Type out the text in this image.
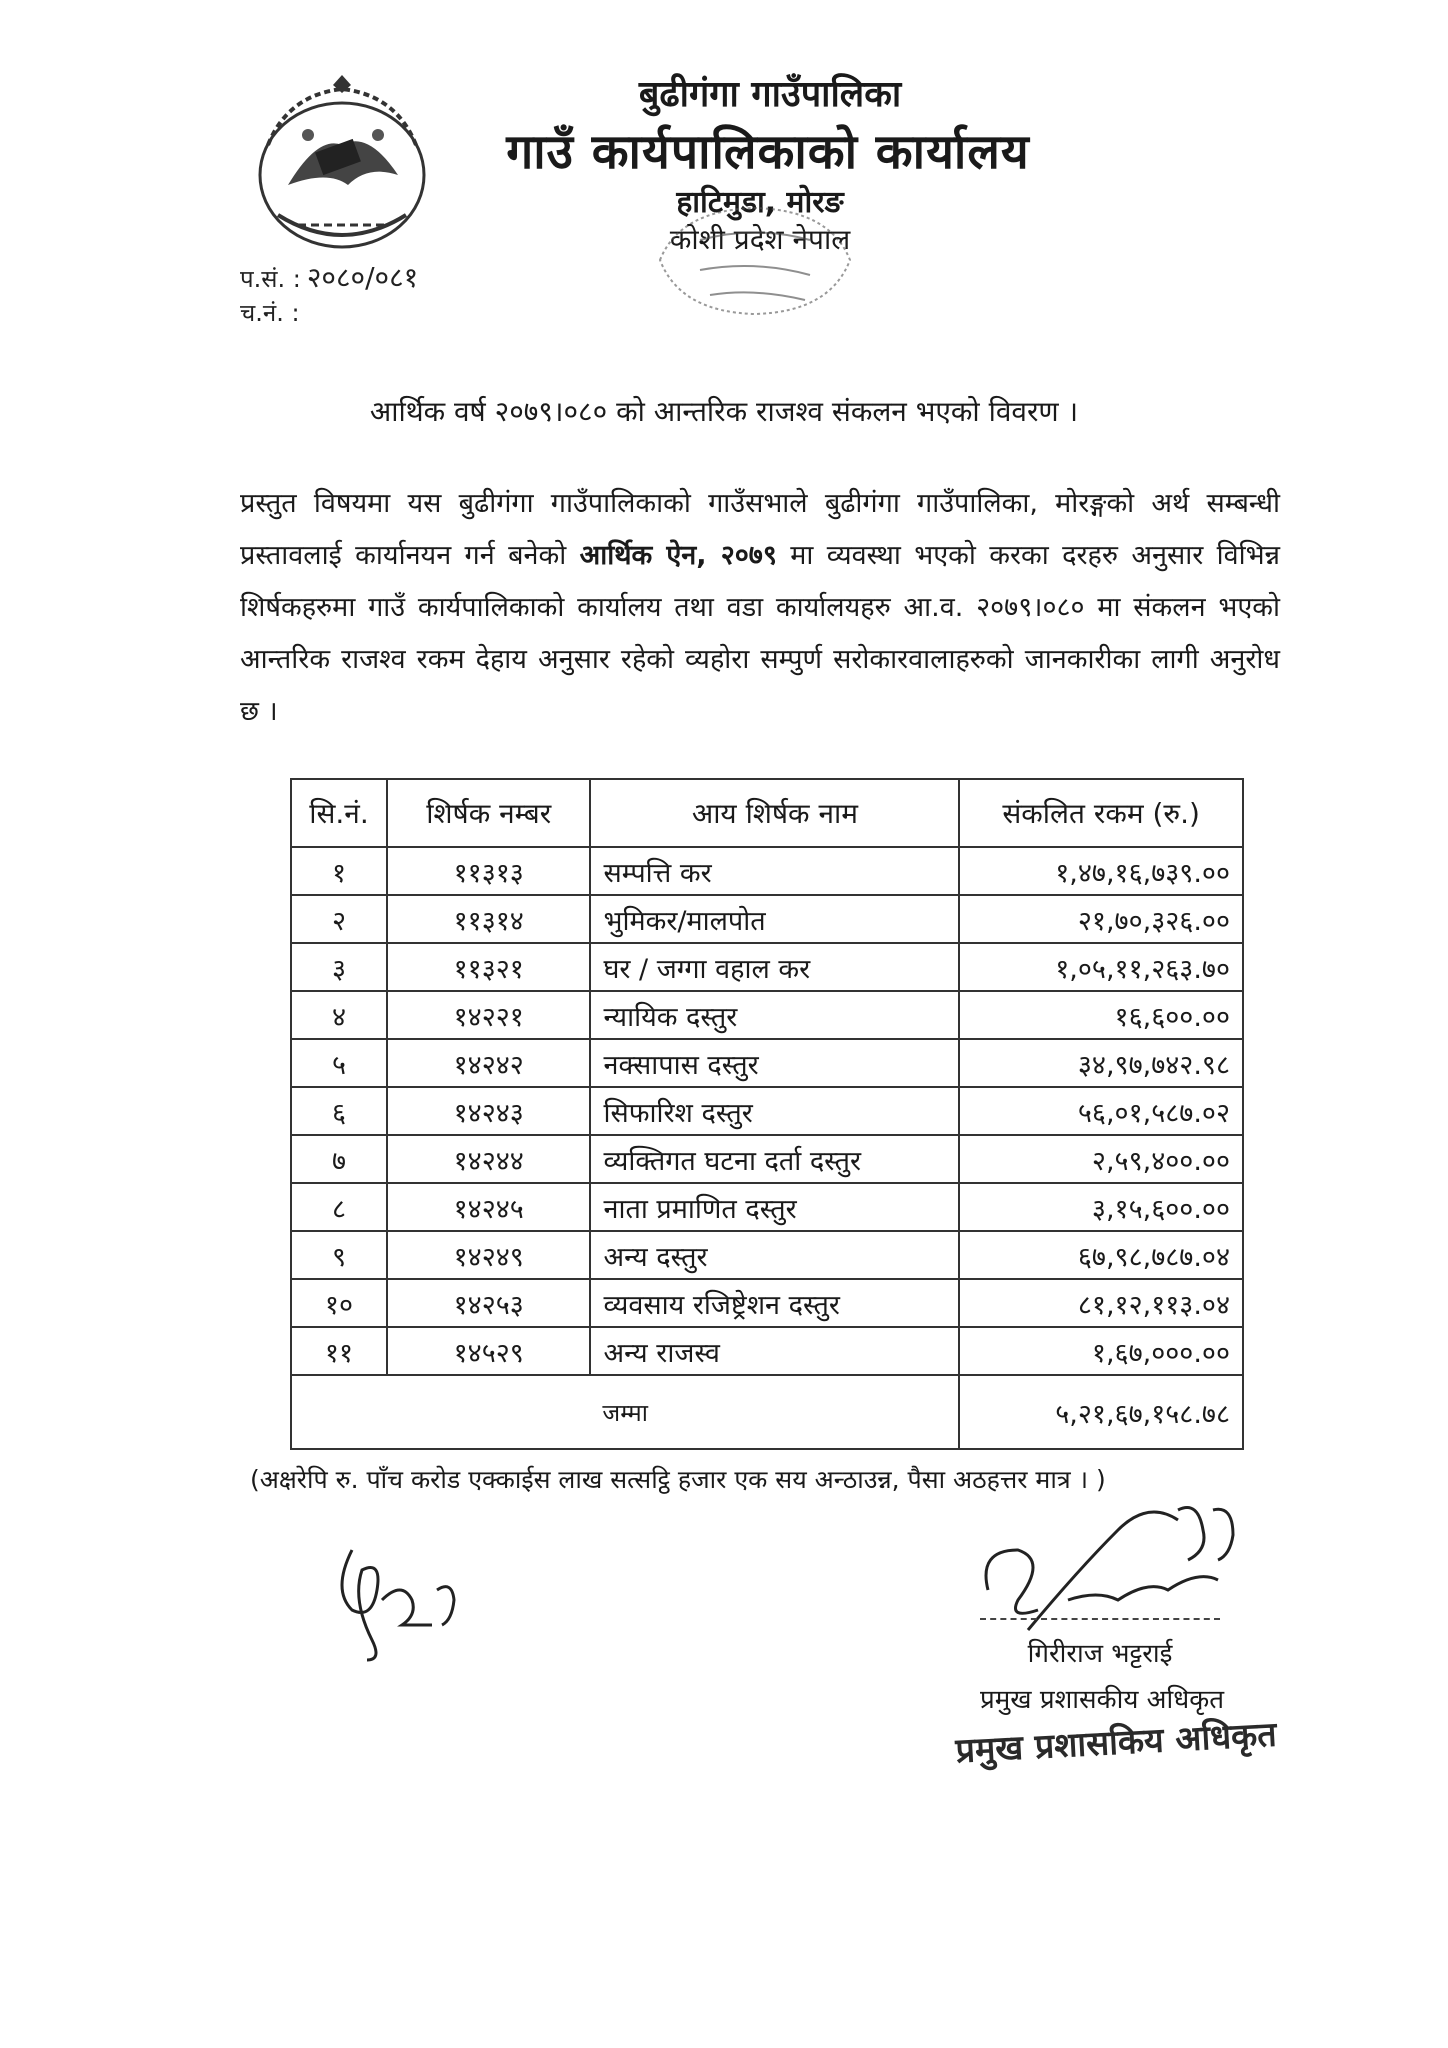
बुढीगंगा गाउँपालिका
गाउँ कार्यपालिकाको कार्यालय
हाटिमुडा, मोरङ
कोशी प्रदेश नेपाल
प.सं. : २०८०/०८१
च.नं. :
आर्थिक वर्ष २०७९।०८० को आन्तरिक राजश्व संकलन भएको विवरण ।
प्रस्तुत विषयमा यस बुढीगंगा गाउँपालिकाको गाउँसभाले बुढीगंगा गाउँपालिका, मोरङ्गको अर्थ सम्बन्धी प्रस्तावलाई कार्यानयन गर्न बनेको आर्थिक ऐन, २०७९ मा व्यवस्था भएको करका दरहरु अनुसार विभिन्न शिर्षकहरुमा गाउँ कार्यपालिकाको कार्यालय तथा वडा कार्यालयहरु आ.व. २०७९।०८० मा संकलन भएको आन्तरिक राजश्व रकम देहाय अनुसार रहेको व्यहोरा सम्पुर्ण सरोकारवालाहरुको जानकारीका लागी अनुरोध छ ।
सि.नं.	शिर्षक नम्बर	आय शिर्षक नाम	संकलित रकम (रु.)
१	११३१३	सम्पत्ति कर	१,४७,१६,७३९.००
२	११३१४	भुमिकर/मालपोत	२१,७०,३२६.००
३	११३२१	घर / जग्गा वहाल कर	१,०५,११,२६३.७०
४	१४२२१	न्यायिक दस्तुर	१६,६००.००
५	१४२४२	नक्सापास दस्तुर	३४,९७,७४२.९८
६	१४२४३	सिफारिश दस्तुर	५६,०१,५८७.०२
७	१४२४४	व्यक्तिगत घटना दर्ता दस्तुर	२,५९,४००.००
८	१४२४५	नाता प्रमाणित दस्तुर	३,१५,६००.००
९	१४२४९	अन्य दस्तुर	६७,९८,७८७.०४
१०	१४२५३	व्यवसाय रजिष्ट्रेशन दस्तुर	८१,१२,११३.०४
११	१४५२९	अन्य राजस्व	१,६७,०००.००
जम्मा			५,२१,६७,१५८.७८
(अक्षरेपि रु. पाँच करोड एक्काईस लाख सत्सट्ठि हजार एक सय अन्ठाउन्न, पैसा अठहत्तर मात्र । )
गिरीराज भट्टराई
प्रमुख प्रशासकीय अधिकृत
प्रमुख प्रशासकिय अधिकृत
